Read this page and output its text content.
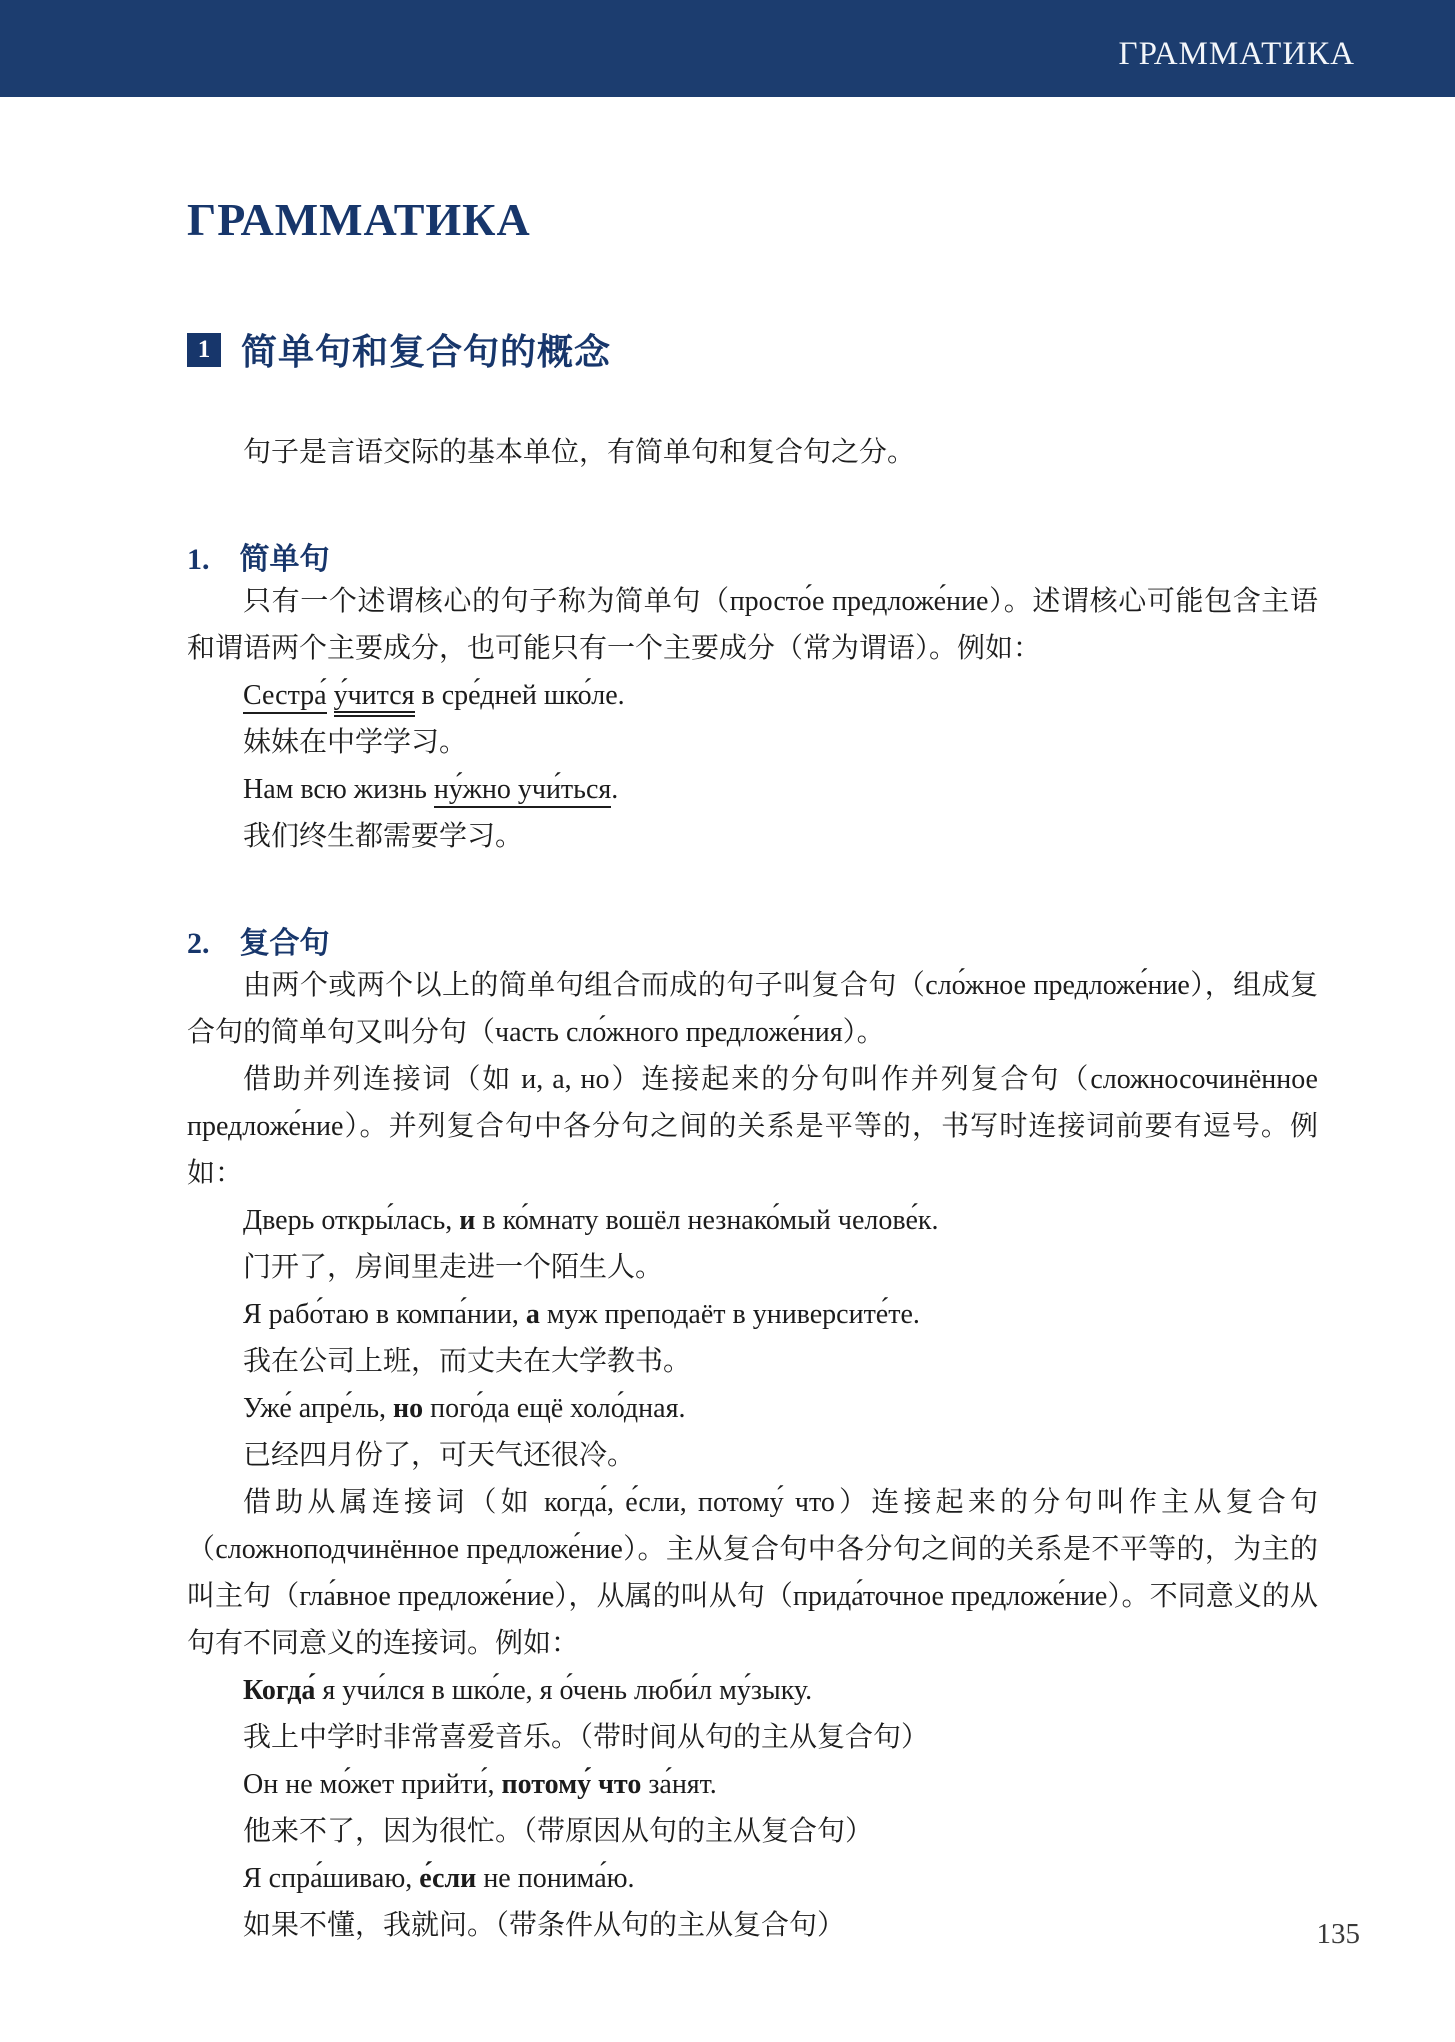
ГРАММАТИКА
ГРАММАТИКА
1 简单句和复合句的概念
句子是言语交际的基本单位，有简单句和复合句之分。
1. 简单句
只有一个述谓核心的句子称为简单句（просто́е предложе́ние）。述谓核心可能包含主语和谓语两个主要成分，也可能只有一个主要成分（常为谓语）。例如：
Сестра́ у́чится в сре́дней шко́ле.
妹妹在中学学习。
Нам всю жизнь ну́жно учи́ться.
我们终生都需要学习。
2. 复合句
由两个或两个以上的简单句组合而成的句子叫复合句（сло́жное предложе́ние），组成复合句的简单句又叫分句（часть сло́жного предложе́ния）。
借助并列连接词（如 и, а, но）连接起来的分句叫作并列复合句（сложносочинённое предложе́ние）。并列复合句中各分句之间的关系是平等的，书写时连接词前要有逗号。例如：
Дверь откры́лась, и в ко́мнату вошёл незнако́мый челове́к.
门开了，房间里走进一个陌生人。
Я рабо́таю в компа́нии, а муж преподаёт в университе́те.
我在公司上班，而丈夫在大学教书。
Уже́ апре́ль, но пого́да ещё холо́дная.
已经四月份了，可天气还很冷。
借助从属连接词（如 когда́, е́сли, потому́ что）连接起来的分句叫作主从复合句（сложноподчинённое предложе́ние）。主从复合句中各分句之间的关系是不平等的，为主的叫主句（гла́вное предложе́ние），从属的叫从句（прида́точное предложе́ние）。不同意义的从句有不同意义的连接词。例如：
Когда́ я учи́лся в шко́ле, я о́чень люби́л му́зыку.
我上中学时非常喜爱音乐。（带时间从句的主从复合句）
Он не мо́жет прийти́, потому́ что за́нят.
他来不了，因为很忙。（带原因从句的主从复合句）
Я спра́шиваю, е́сли не понима́ю.
如果不懂，我就问。（带条件从句的主从复合句）	135
